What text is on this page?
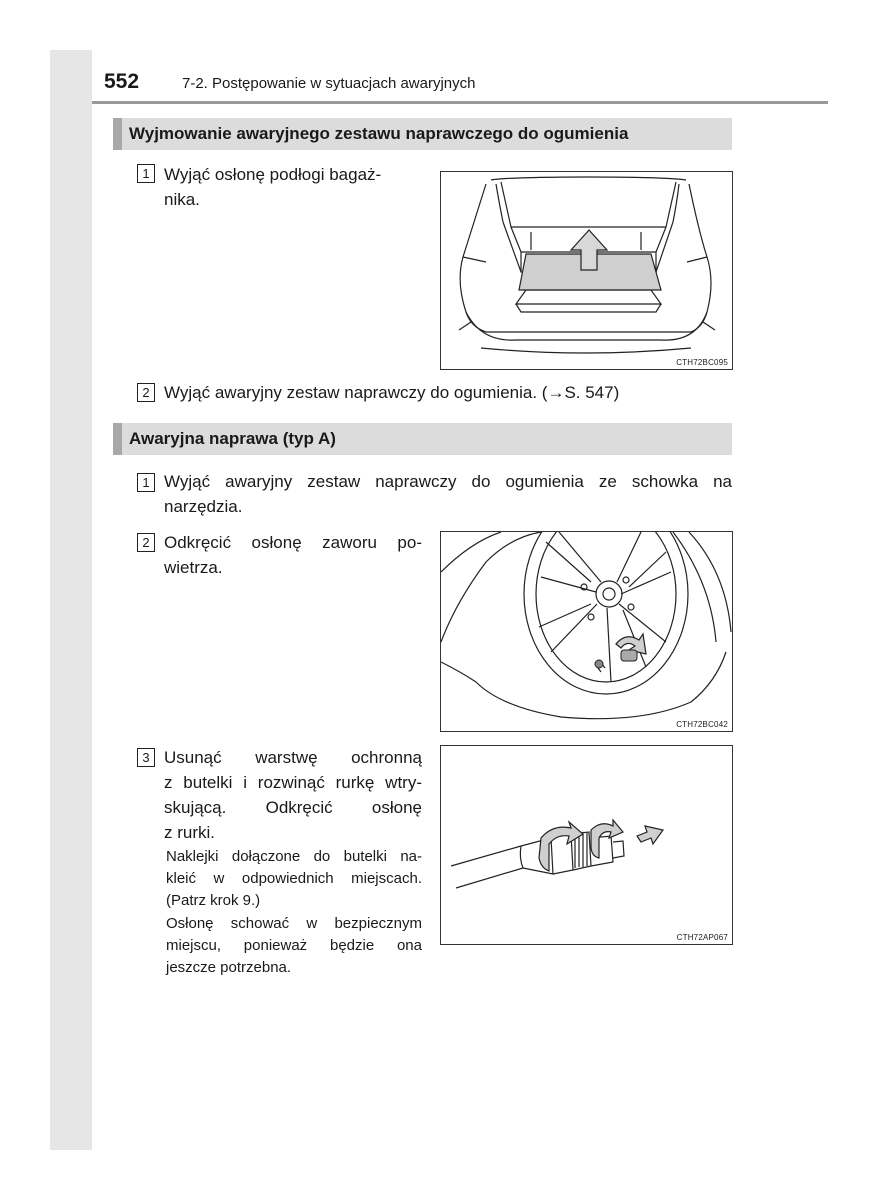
552	7-2. Postępowanie w sytuacjach awaryjnych
Wyjmowanie awaryjnego zestawu naprawczego do ogumienia
1 Wyjąć osłonę podłogi bagaż-
nika.
CTH72BC095
2 Wyjąć awaryjny zestaw naprawczy do ogumienia. (→S. 547)
Awaryjna naprawa (typ A)
1 Wyjąć awaryjny zestaw naprawczy do ogumienia ze schowka na
narzędzia.
2 Odkręcić osłonę zaworu po-
wietrza.
CTH72BC042
3 Usunąć warstwę ochronną
z butelki i rozwinąć rurkę wtry-
skującą. Odkręcić osłonę
z rurki.
Naklejki dołączone do butelki na-
kleić w odpowiednich miejscach.
(Patrz krok 9.)
Osłonę schować w bezpiecznym
miejscu, ponieważ będzie ona
jeszcze potrzebna.
CTH72AP067
